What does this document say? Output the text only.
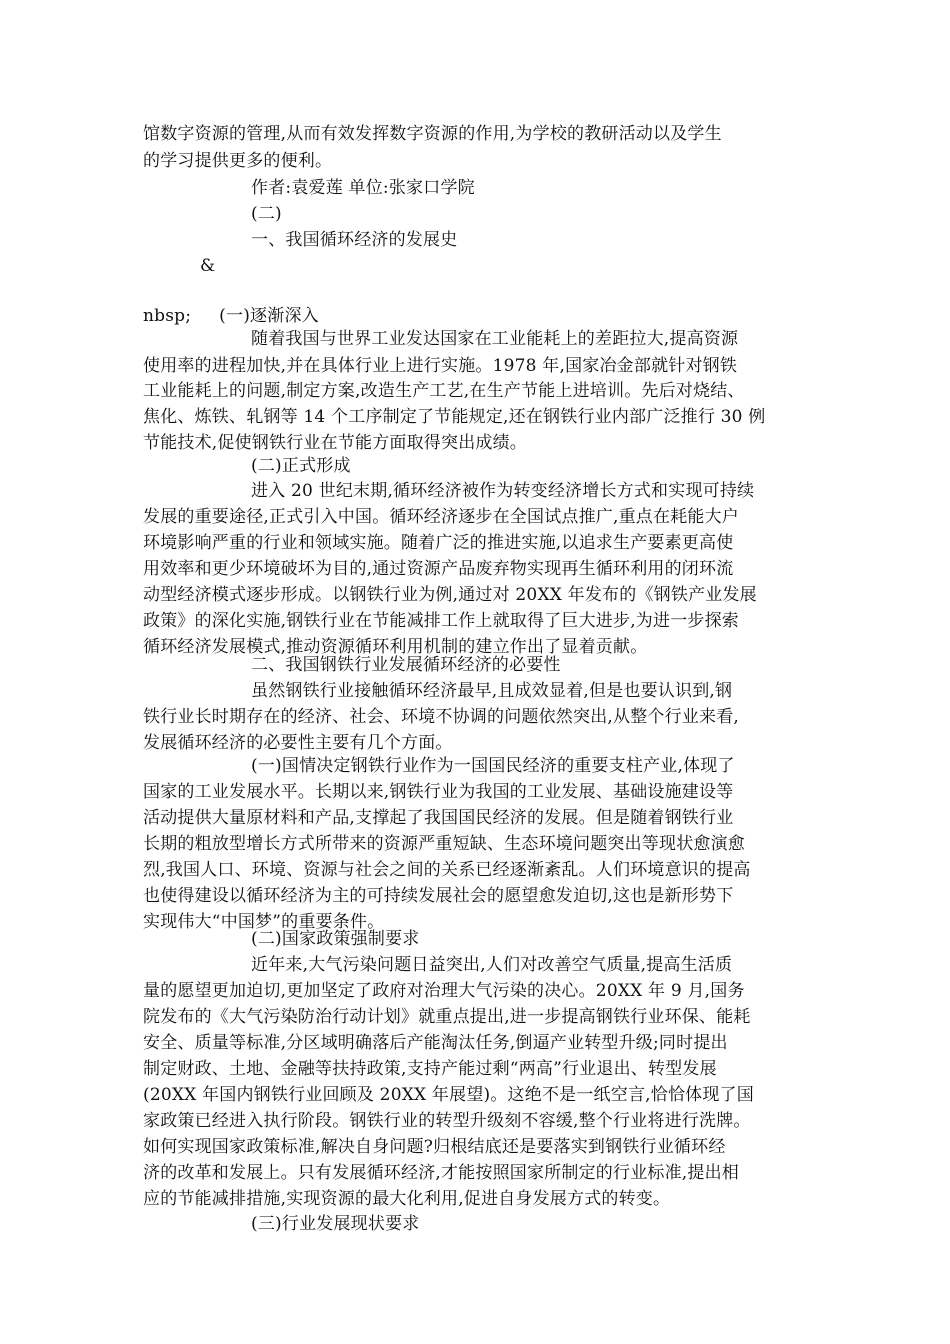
馆数字资源的管理,从而有效发挥数字资源的作用,为学校的教研活动以及学生
的学习提供更多的便利。
作者:袁爱莲 单位:张家口学院
(二)
一、我国循环经济的发展史
&
nbsp;     (一)逐渐深入
随着我国与世界工业发达国家在工业能耗上的差距拉大,提高资源
使用率的进程加快,并在具体行业上进行实施。1978 年,国家冶金部就针对钢铁
工业能耗上的问题,制定方案,改造生产工艺,在生产节能上进培训。先后对烧结、
焦化、炼铁、轧钢等 14 个工序制定了节能规定,还在钢铁行业内部广泛推行 30 例
节能技术,促使钢铁行业在节能方面取得突出成绩。
(二)正式形成
进入 20 世纪末期,循环经济被作为转变经济增长方式和实现可持续
发展的重要途径,正式引入中国。循环经济逐步在全国试点推广,重点在耗能大户
环境影响严重的行业和领域实施。随着广泛的推进实施,以追求生产要素更高使
用效率和更少环境破坏为目的,通过资源产品废弃物实现再生循环利用的闭环流
动型经济模式逐步形成。以钢铁行业为例,通过对 20XX 年发布的《钢铁产业发展
政策》的深化实施,钢铁行业在节能减排工作上就取得了巨大进步,为进一步探索
循环经济发展模式,推动资源循环利用机制的建立作出了显着贡献。
二、我国钢铁行业发展循环经济的必要性
虽然钢铁行业接触循环经济最早,且成效显着,但是也要认识到,钢
铁行业长时期存在的经济、社会、环境不协调的问题依然突出,从整个行业来看,
发展循环经济的必要性主要有几个方面。
(一)国情决定钢铁行业作为一国国民经济的重要支柱产业,体现了
国家的工业发展水平。长期以来,钢铁行业为我国的工业发展、基础设施建设等
活动提供大量原材料和产品,支撑起了我国国民经济的发展。但是随着钢铁行业
长期的粗放型增长方式所带来的资源严重短缺、生态环境问题突出等现状愈演愈
烈,我国人口、环境、资源与社会之间的关系已经逐渐紊乱。人们环境意识的提高
也使得建设以循环经济为主的可持续发展社会的愿望愈发迫切,这也是新形势下
实现伟大“中国梦”的重要条件。
(二)国家政策强制要求
近年来,大气污染问题日益突出,人们对改善空气质量,提高生活质
量的愿望更加迫切,更加坚定了政府对治理大气污染的决心。20XX 年 9 月,国务
院发布的《大气污染防治行动计划》就重点提出,进一步提高钢铁行业环保、能耗
安全、质量等标准,分区域明确落后产能淘汰任务,倒逼产业转型升级;同时提出
制定财政、土地、金融等扶持政策,支持产能过剩“两高”行业退出、转型发展
(20XX 年国内钢铁行业回顾及 20XX 年展望)。这绝不是一纸空言,恰恰体现了国
家政策已经进入执行阶段。钢铁行业的转型升级刻不容缓,整个行业将进行洗牌。
如何实现国家政策标准,解决自身问题?归根结底还是要落实到钢铁行业循环经
济的改革和发展上。只有发展循环经济,才能按照国家所制定的行业标准,提出相
应的节能减排措施,实现资源的最大化利用,促进自身发展方式的转变。
(三)行业发展现状要求
